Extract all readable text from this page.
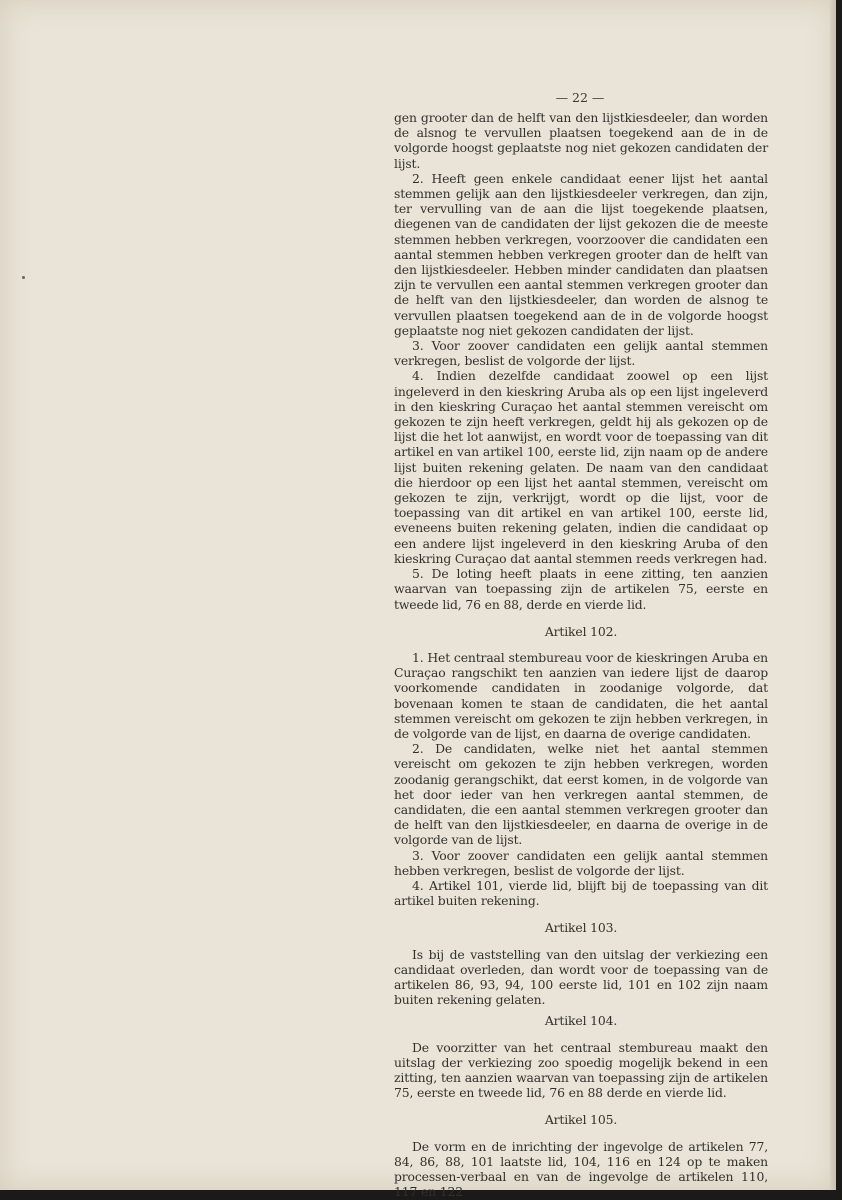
— 22 —

gen grooter dan de helft van den lijstkiesdeeler, dan worden de alsnog te vervullen plaatsen toegekend aan de in de volgorde hoogst geplaatste nog niet gekozen candidaten der lijst.

2. Heeft geen enkele candidaat eener lijst het aantal stemmen gelijk aan den lijstkiesdeeler verkregen, dan zijn, ter vervulling van de aan die lijst toegekende plaatsen, diegenen van de candidaten der lijst gekozen die de meeste stemmen hebben verkregen, voorzoover die candidaten een aantal stemmen hebben verkregen grooter dan de helft van den lijstkiesdeeler. Hebben minder candidaten dan plaatsen zijn te vervullen een aantal stemmen verkregen grooter dan de helft van den lijstkiesdeeler, dan worden de alsnog te vervullen plaatsen toegekend aan de in de volgorde hoogst geplaatste nog niet gekozen candidaten der lijst.

3. Voor zoover candidaten een gelijk aantal stemmen verkregen, beslist de volgorde der lijst.

4. Indien dezelfde candidaat zoowel op een lijst ingeleverd in den kieskring Aruba als op een lijst ingeleverd in den kieskring Curaçao het aantal stemmen vereischt om gekozen te zijn heeft verkregen, geldt hij als gekozen op de lijst die het lot aanwijst, en wordt voor de toepassing van dit artikel en van artikel 100, eerste lid, zijn naam op de andere lijst buiten rekening gelaten. De naam van den candidaat die hierdoor op een lijst het aantal stemmen, vereischt om gekozen te zijn, verkrijgt, wordt op die lijst, voor de toepassing van dit artikel en van artikel 100, eerste lid, eveneens buiten rekening gelaten, indien die candidaat op een andere lijst ingeleverd in den kieskring Aruba of den kieskring Curaçao dat aantal stemmen reeds verkregen had.

5. De loting heeft plaats in eene zitting, ten aanzien waarvan van toepassing zijn de artikelen 75, eerste en tweede lid, 76 en 88, derde en vierde lid.

Artikel 102.

1. Het centraal stembureau voor de kieskringen Aruba en Curaçao rangschikt ten aanzien van iedere lijst de daarop voorkomende candidaten in zoodanige volgorde, dat bovenaan komen te staan de candidaten, die het aantal stemmen vereischt om gekozen te zijn hebben verkregen, in de volgorde van de lijst, en daarna de overige candidaten.

2. De candidaten, welke niet het aantal stemmen vereischt om gekozen te zijn hebben verkregen, worden zoodanig gerangschikt, dat eerst komen, in de volgorde van het door ieder van hen verkregen aantal stemmen, de candidaten, die een aantal stemmen verkregen grooter dan de helft van den lijstkiesdeeler, en daarna de overige in de volgorde van de lijst.

3. Voor zoover candidaten een gelijk aantal stemmen hebben verkregen, beslist de volgorde der lijst.

4. Artikel 101, vierde lid, blijft bij de toepassing van dit artikel buiten rekening.

Artikel 103.

Is bij de vaststelling van den uitslag der verkiezing een candidaat overleden, dan wordt voor de toepassing van de artikelen 86, 93, 94, 100 eerste lid, 101 en 102 zijn naam buiten rekening gelaten.

Artikel 104.

De voorzitter van het centraal stembureau maakt den uitslag der verkiezing zoo spoedig mogelijk bekend in een zitting, ten aanzien waarvan van toepassing zijn de artikelen 75, eerste en tweede lid, 76 en 88 derde en vierde lid.

Artikel 105.

De vorm en de inrichting der ingevolge de artikelen 77, 84, 86, 88, 101 laatste lid, 104, 116 en 124 op te maken processen-verbaal en van de ingevolge de artikelen 110, 117 en 122
